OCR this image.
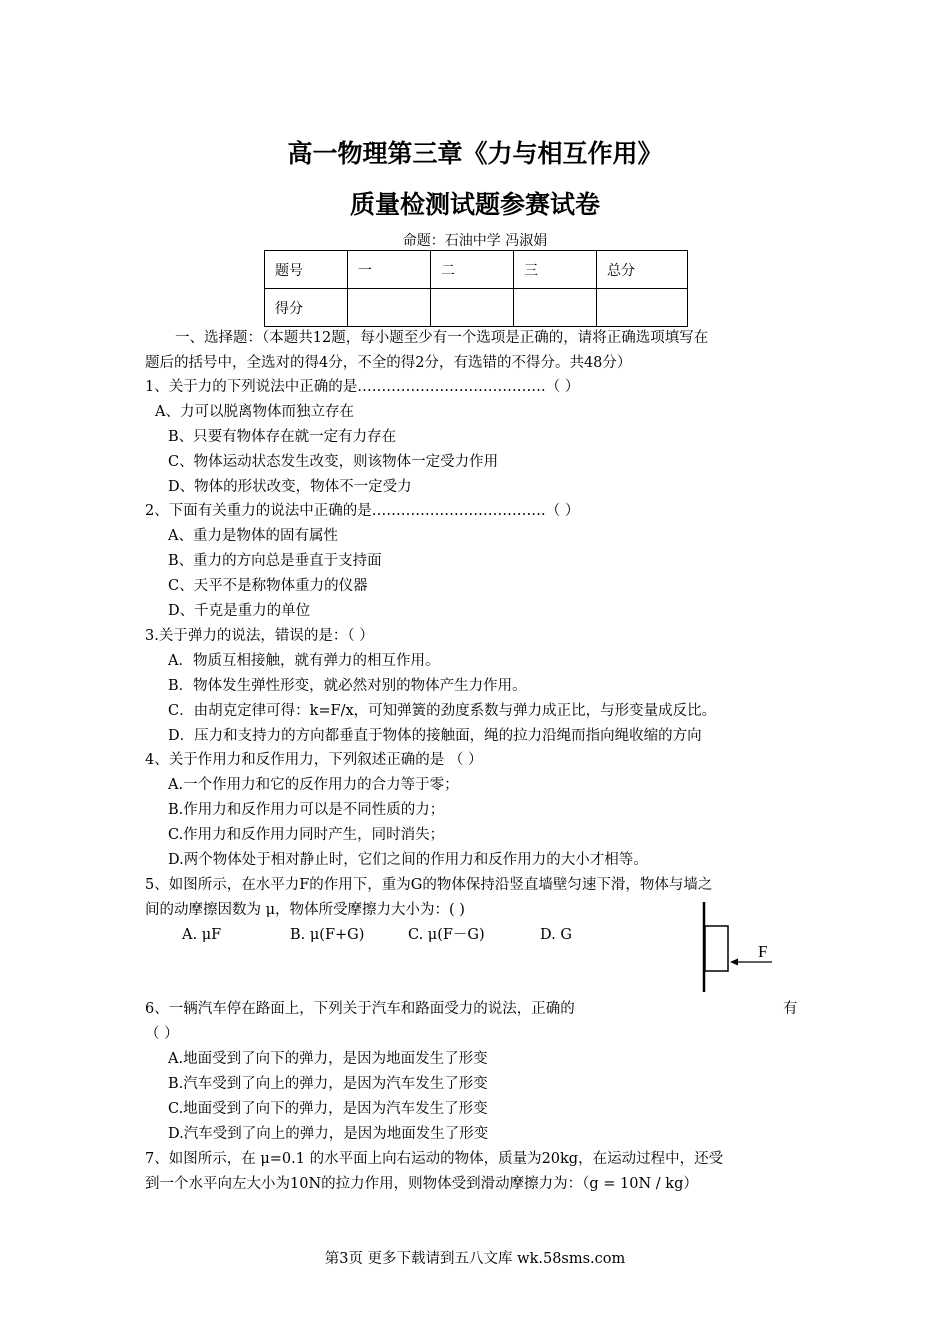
高一物理第三章《力与相互作用》
质量检测试题参赛试卷
命题：石油中学 冯淑娟
题号	一	二	三	总分
得分				
一、选择题：（本题共12题，每小题至少有一个选项是正确的，请将正确选项填写在
题后的括号中，全选对的得4分，不全的得2分，有选错的不得分。共48分）
1、关于力的下列说法中正确的是…………………………………（ ）
A、力可以脱离物体而独立存在
B、只要有物体存在就一定有力存在
C、物体运动状态发生改变，则该物体一定受力作用
D、物体的形状改变，物体不一定受力
2、下面有关重力的说法中正确的是………………………………（ ）
A、重力是物体的固有属性
B、重力的方向总是垂直于支持面
C、天平不是称物体重力的仪器
D、千克是重力的单位
3.关于弹力的说法，错误的是：（ ）
A．物质互相接触，就有弹力的相互作用。
B．物体发生弹性形变，就必然对别的物体产生力作用。
C．由胡克定律可得：k=F/x，可知弹簧的劲度系数与弹力成正比，与形变量成反比。
D．压力和支持力的方向都垂直于物体的接触面，绳的拉力沿绳而指向绳收缩的方向
4、关于作用力和反作用力，下列叙述正确的是 （ ）
A.一个作用力和它的反作用力的合力等于零；
B.作用力和反作用力可以是不同性质的力；
C.作用力和反作用力同时产生，同时消失；
D.两个物体处于相对静止时，它们之间的作用力和反作用力的大小才相等。
5、如图所示，在水平力F的作用下，重为G的物体保持沿竖直墙壁匀速下滑，物体与墙之
间的动摩擦因数为 μ，物体所受摩擦力大小为：( )
A. μF	B. μ(F+G)	C. μ(F－G)	D. G
F
6、一辆汽车停在路面上，下列关于汽车和路面受力的说法，正确的	有
（ ）
A.地面受到了向下的弹力，是因为地面发生了形变
B.汽车受到了向上的弹力，是因为汽车发生了形变
C.地面受到了向下的弹力，是因为汽车发生了形变
D.汽车受到了向上的弹力，是因为地面发生了形变
7、如图所示，在 μ=0.1 的水平面上向右运动的物体，质量为20kg，在运动过程中，还受
到一个水平向左大小为10N的拉力作用，则物体受到滑动摩擦力为：（g = 10N / kg）
第3页 更多下载请到五八文库 wk.58sms.com
